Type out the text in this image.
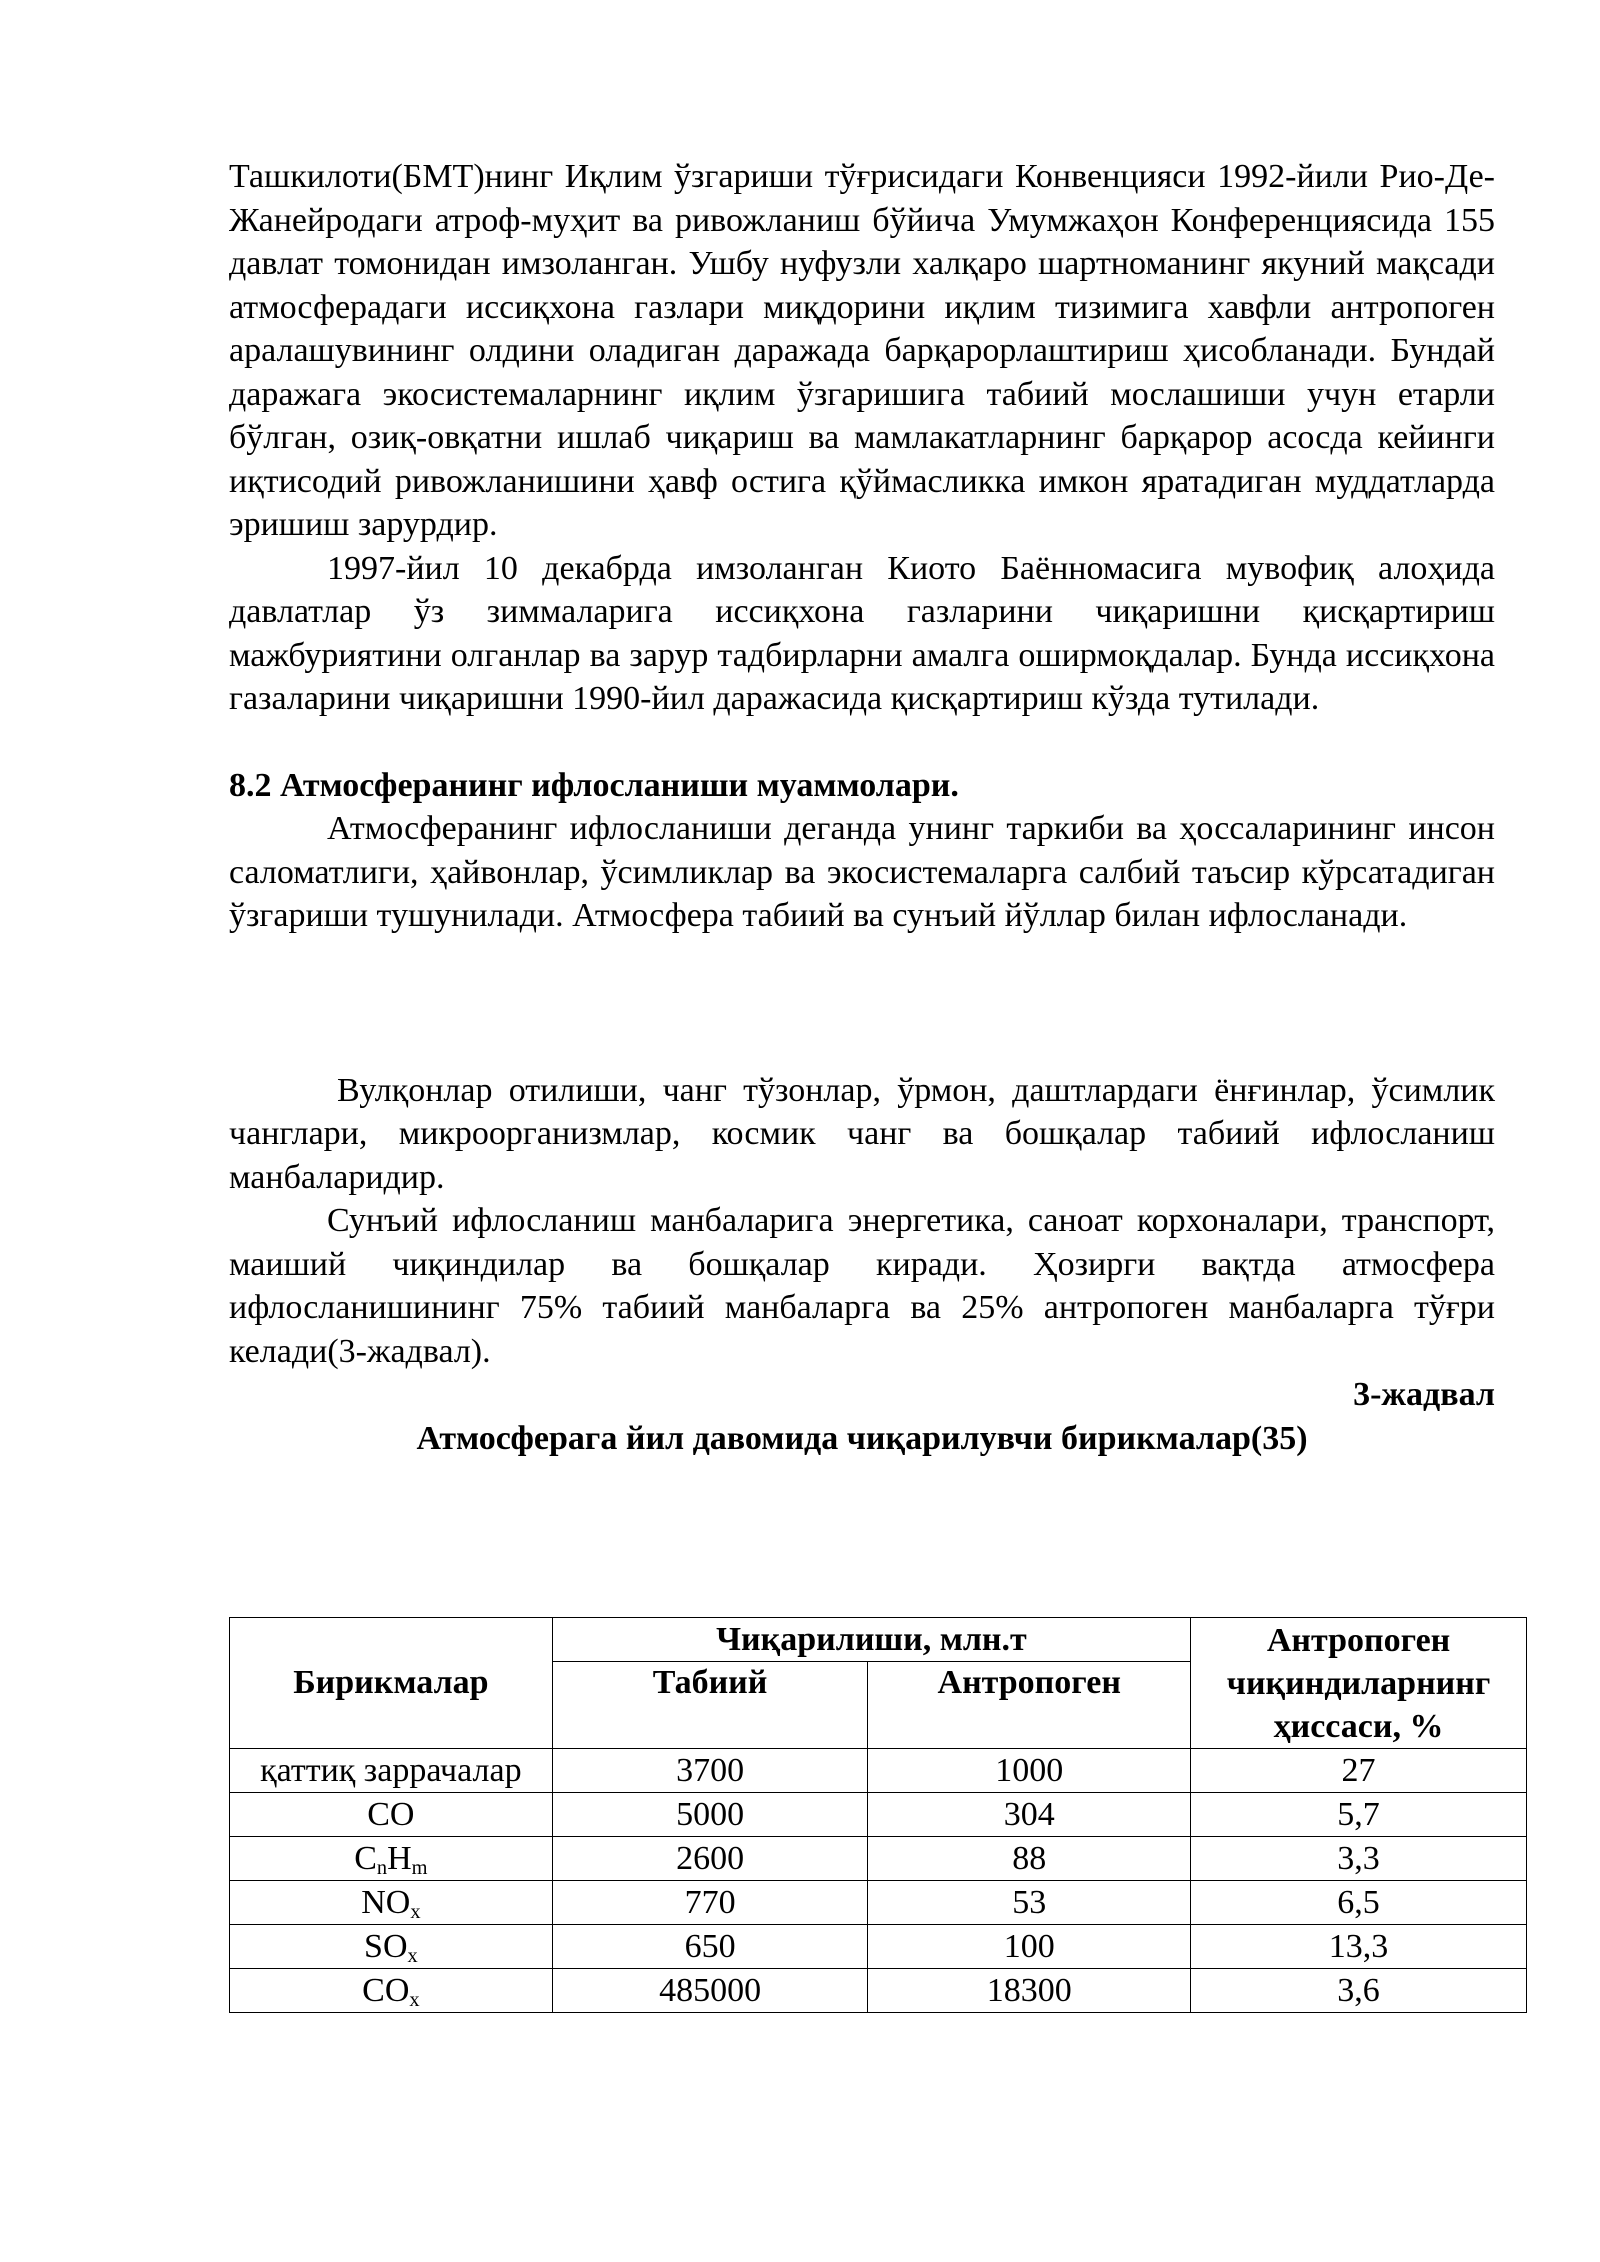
Ташкилоти(БМТ)нинг Иқлим ўзгариши тўғрисидаги Конвенцияси 1992-йили Рио-Де-Жанейродаги атроф-муҳит ва ривожланиш бўйича Умумжаҳон Конференциясида 155 давлат томонидан имзоланган. Ушбу нуфузли халқаро шартноманинг якуний мақсади атмосферадаги иссиқхона газлари миқдорини иқлим тизимига хавфли антропоген аралашувининг олдини оладиган даражада барқарорлаштириш ҳисобланади. Бундай даражага экосистемаларнинг иқлим ўзгаришига табиий мослашиши учун етарли бўлган, озиқ-овқатни ишлаб чиқариш ва мамлакатларнинг барқарор асосда кейинги иқтисодий ривожланишини ҳавф остига қўймасликка имкон яратадиган муддатларда эришиш зарурдир.

1997-йил 10 декабрда имзоланган Киото Баённомасига мувофиқ алоҳида давлатлар ўз зиммаларига иссиқхона газларини чиқаришни қисқартириш мажбуриятини олганлар ва зарур тадбирларни амалга оширмоқдалар. Бунда иссиқхона газаларини чиқаришни 1990-йил даражасида қисқартириш кўзда тутилади.

8.2 Атмосферанинг ифлосланиши муаммолари.

Атмосферанинг ифлосланиши деганда унинг таркиби ва ҳоссаларининг инсон саломатлиги, ҳайвонлар, ўсимликлар ва экосистемаларга салбий таъсир кўрсатадиган ўзгариши тушунилади. Атмосфера табиий ва сунъий йўллар билан ифлосланади.

Вулқонлар отилиши, чанг тўзонлар, ўрмон, даштлардаги ёнғинлар, ўсимлик чанглари, микроорганизмлар, космик чанг ва бошқалар табиий ифлосланиш манбаларидир.

Сунъий ифлосланиш манбаларига энергетика, саноат корхоналари, транспорт, маиший чиқиндилар ва бошқалар киради. Ҳозирги вақтда атмосфера ифлосланишининг 75% табиий манбаларга ва 25% антропоген манбаларга тўғри келади(3-жадвал).

3-жадвал

Атмосферага йил давомида чиқарилувчи бирикмалар(35)

Бирикмалар	Чиқарилиши, млн.т		Антропоген
чиқиндиларнинг
ҳиссаси, %

	Табиий	Антропоген	
қаттиқ заррачалар	3700	1000	27
CO	5000	304	5,7
$C_nH_m$	2600	88	3,3
$NO_x$	770	53	6,5
$SO_x$	650	100	13,3
$CO_x$	485000	18300	3,6
